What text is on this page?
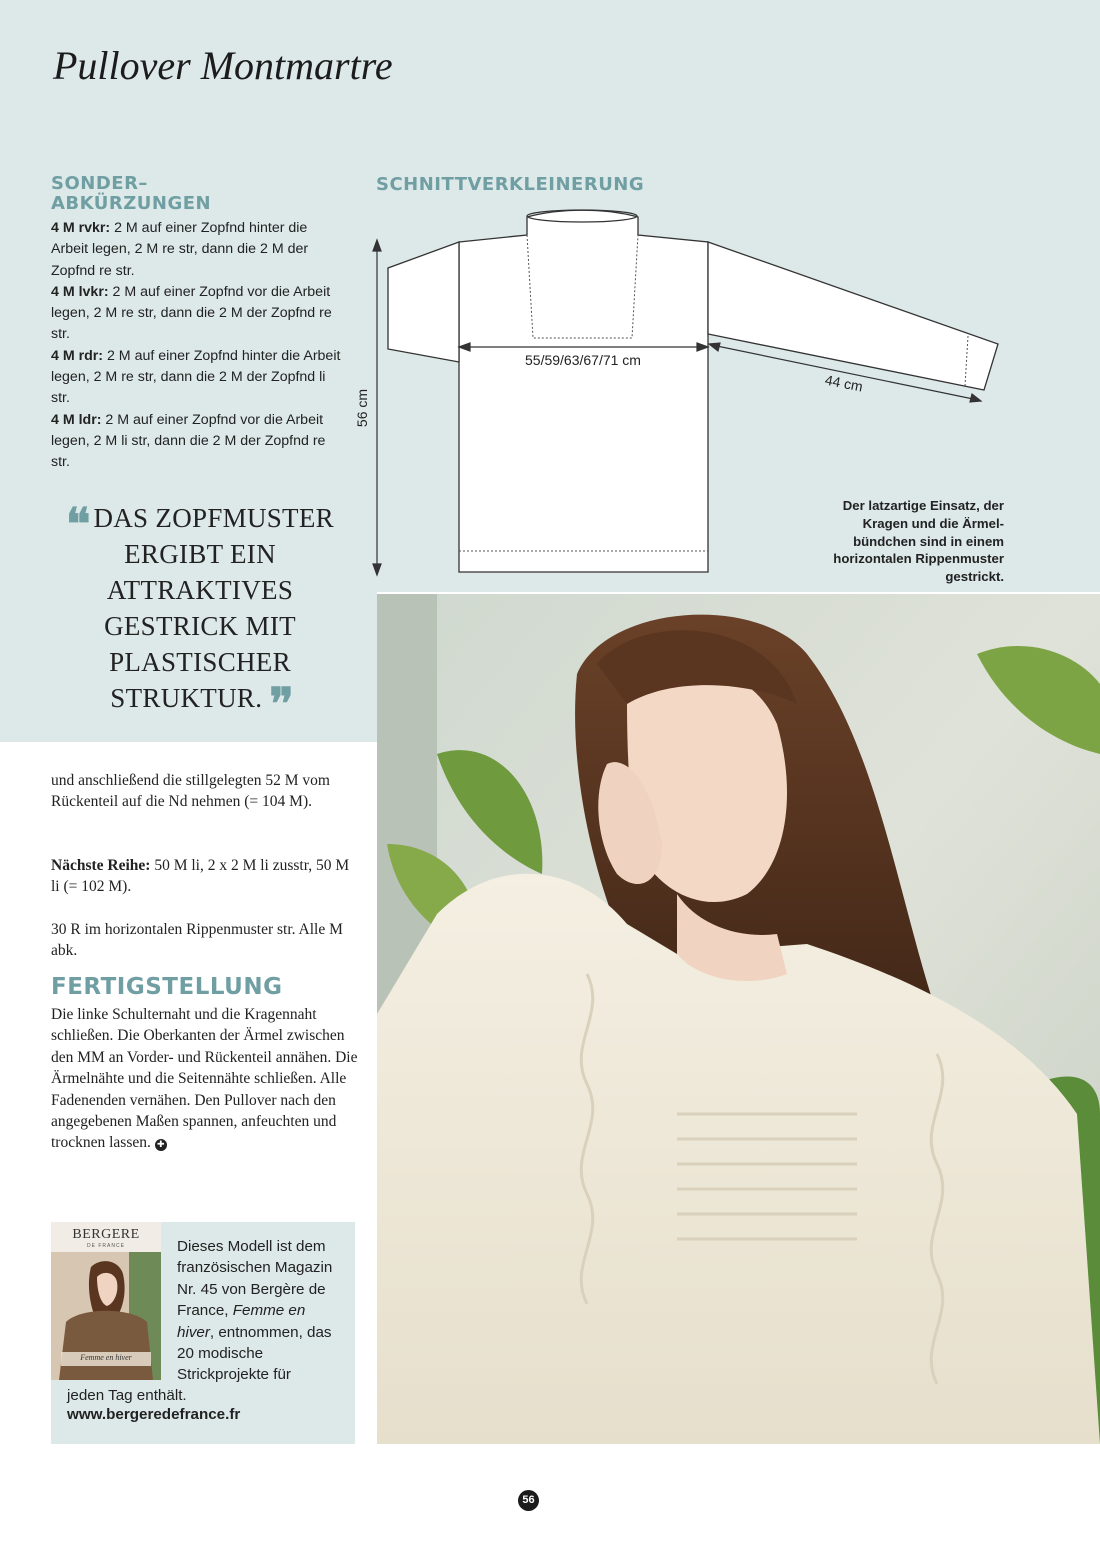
Pullover Montmartre
SONDER–
ABKÜRZUNGEN

4 M rvkr: 2 M auf einer Zopfnd hinter die Arbeit legen, 2 M re str, dann die 2 M der Zopfnd re str.

4 M lvkr: 2 M auf einer Zopfnd vor die Arbeit legen, 2 M re str, dann die 2 M der Zopfnd re str.

4 M rdr: 2 M auf einer Zopfnd hinter die Arbeit legen, 2 M re str, dann die 2 M der Zopfnd li str.

4 M ldr: 2 M auf einer Zopfnd vor die Arbeit legen, 2 M li str, dann die 2 M der Zopfnd re str.

❛❛ DAS ZOPFMUSTER
ERGIBT EIN
ATTRAKTIVES
GESTRICK MIT
PLASTISCHER
STRUKTUR. ❜❜
SCHNITTVERKLEINERUNG
55/59/63/67/71 cm
44 cm
56 cm
Der latzartige Einsatz, der Kragen und die Ärmel-bündchen sind in einem horizontalen Rippenmuster gestrickt.

und anschließend die stillgelegten 52 M vom Rückenteil auf die Nd nehmen (= 104 M).

Nächste Reihe: 50 M li, 2 x 2 M li zusstr, 50 M li (= 102 M).

30 R im horizontalen Rippenmuster str. Alle M abk.

FERTIGSTELLUNG

Die linke Schulternaht und die Kragennaht schließen. Die Oberkanten der Ärmel zwischen den MM an Vorder- und Rückenteil annähen. Die Ärmelnähte und die Seitennähte schließen. Alle Fadenenden vernähen. Den Pullover nach den angegebenen Maßen spannen, anfeuchten und trocknen lassen. ✚

BERGERE
DE FRANCE
Femme en hiver
Dieses Modell ist dem französischen Magazin Nr. 45 von Bergère de France, Femme en hiver, entnommen, das 20 modische Strickprojekte für
jeden Tag enthält.
www.bergeredefrance.fr
56
